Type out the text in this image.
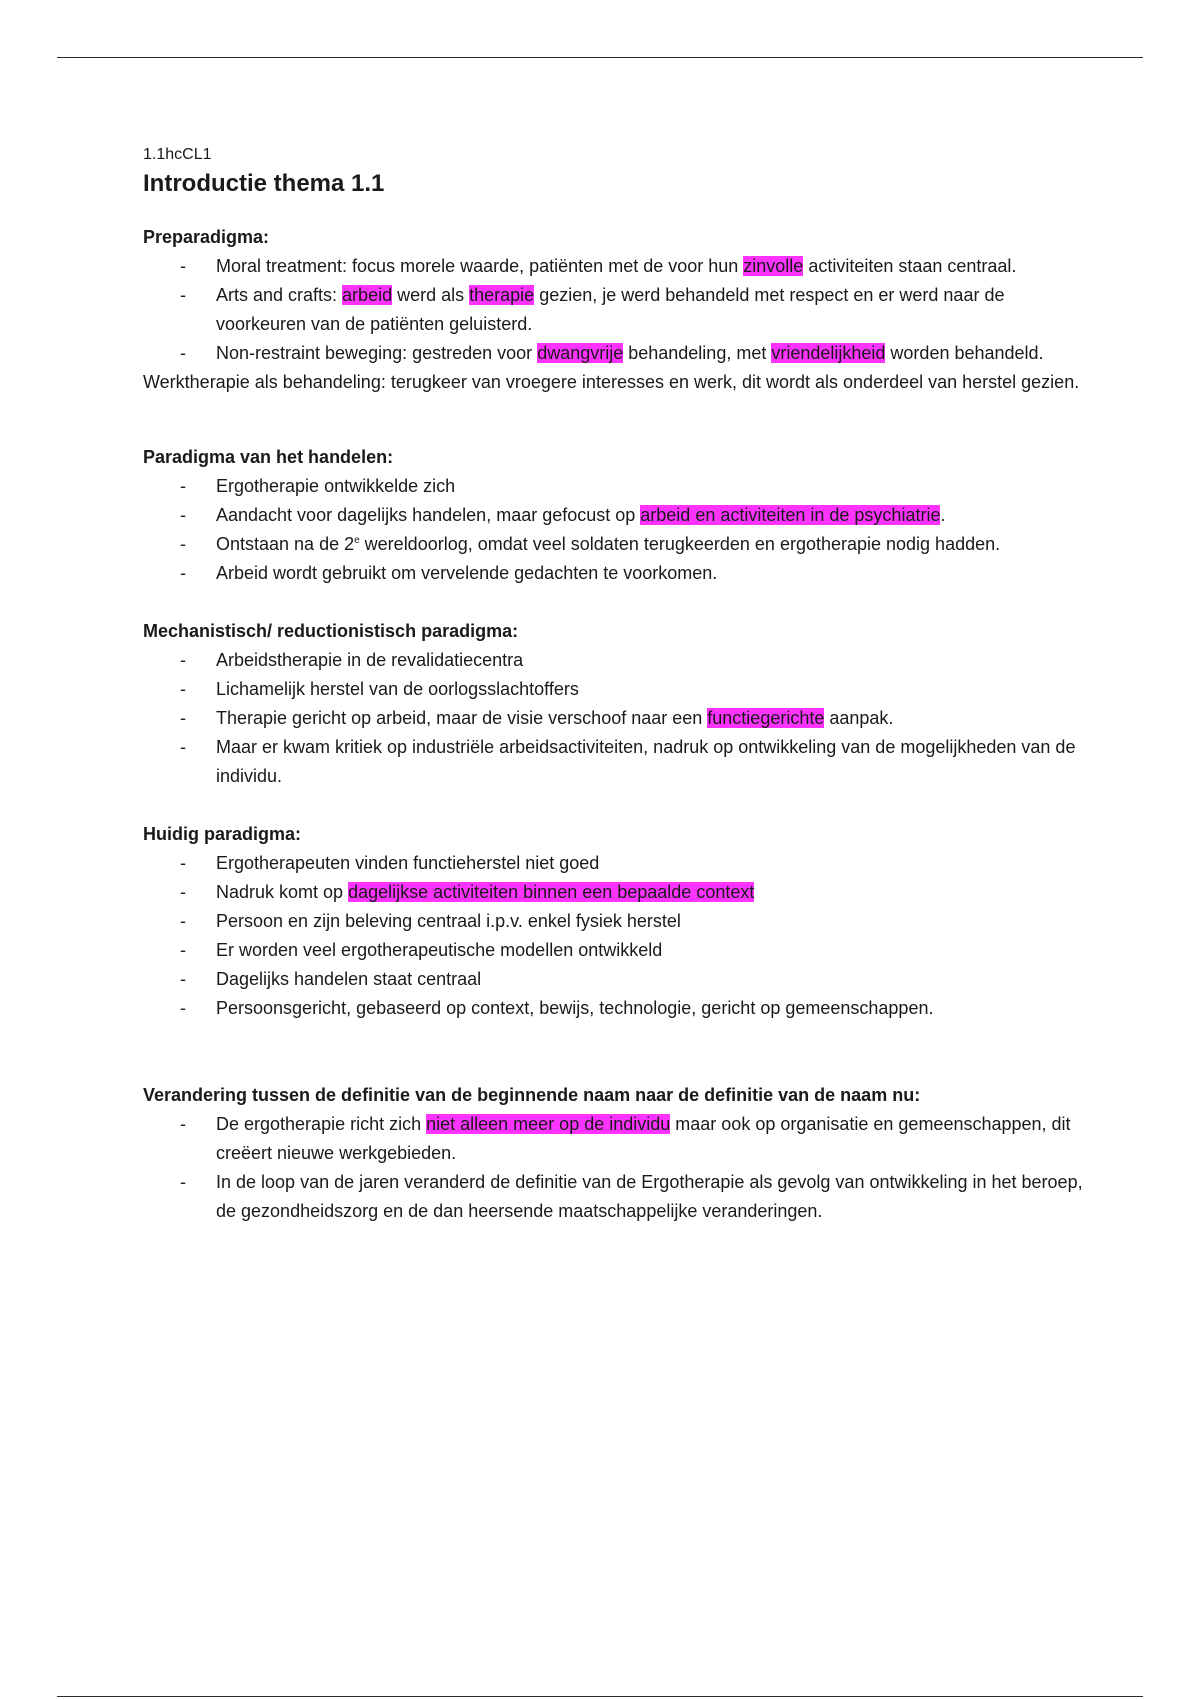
1.1hcCL1

Introductie thema 1.1
Preparadigma:
- Moral treatment: focus morele waarde, patiënten met de voor hun zinvolle activiteiten staan centraal.
- Arts and crafts: arbeid werd als therapie gezien, je werd behandeld met respect en er werd naar de voorkeuren van de patiënten geluisterd.
- Non-restraint beweging: gestreden voor dwangvrije behandeling, met vriendelijkheid worden behandeld.

Werktherapie als behandeling: terugkeer van vroegere interesses en werk, dit wordt als onderdeel van herstel gezien.

Paradigma van het handelen:
- Ergotherapie ontwikkelde zich
- Aandacht voor dagelijks handelen, maar gefocust op arbeid en activiteiten in de psychiatrie.
- Ontstaan na de 2e wereldoorlog, omdat veel soldaten terugkeerden en ergotherapie nodig hadden.
- Arbeid wordt gebruikt om vervelende gedachten te voorkomen.
Mechanistisch/ reductionistisch paradigma:
- Arbeidstherapie in de revalidatiecentra
- Lichamelijk herstel van de oorlogsslachtoffers
- Therapie gericht op arbeid, maar de visie verschoof naar een functiegerichte aanpak.
- Maar er kwam kritiek op industriële arbeidsactiviteiten, nadruk op ontwikkeling van de mogelijkheden van de individu.
Huidig paradigma:
- Ergotherapeuten vinden functieherstel niet goed
- Nadruk komt op dagelijkse activiteiten binnen een bepaalde context
- Persoon en zijn beleving centraal i.p.v. enkel fysiek herstel
- Er worden veel ergotherapeutische modellen ontwikkeld
- Dagelijks handelen staat centraal
- Persoonsgericht, gebaseerd op context, bewijs, technologie, gericht op gemeenschappen.
Verandering tussen de definitie van de beginnende naam naar de definitie van de naam nu:
- De ergotherapie richt zich niet alleen meer op de individu maar ook op organisatie en gemeenschappen, dit creëert nieuwe werkgebieden.
- In de loop van de jaren veranderd de definitie van de Ergotherapie als gevolg van ontwikkeling in het beroep, de gezondheidszorg en de dan heersende maatschappelijke veranderingen.
